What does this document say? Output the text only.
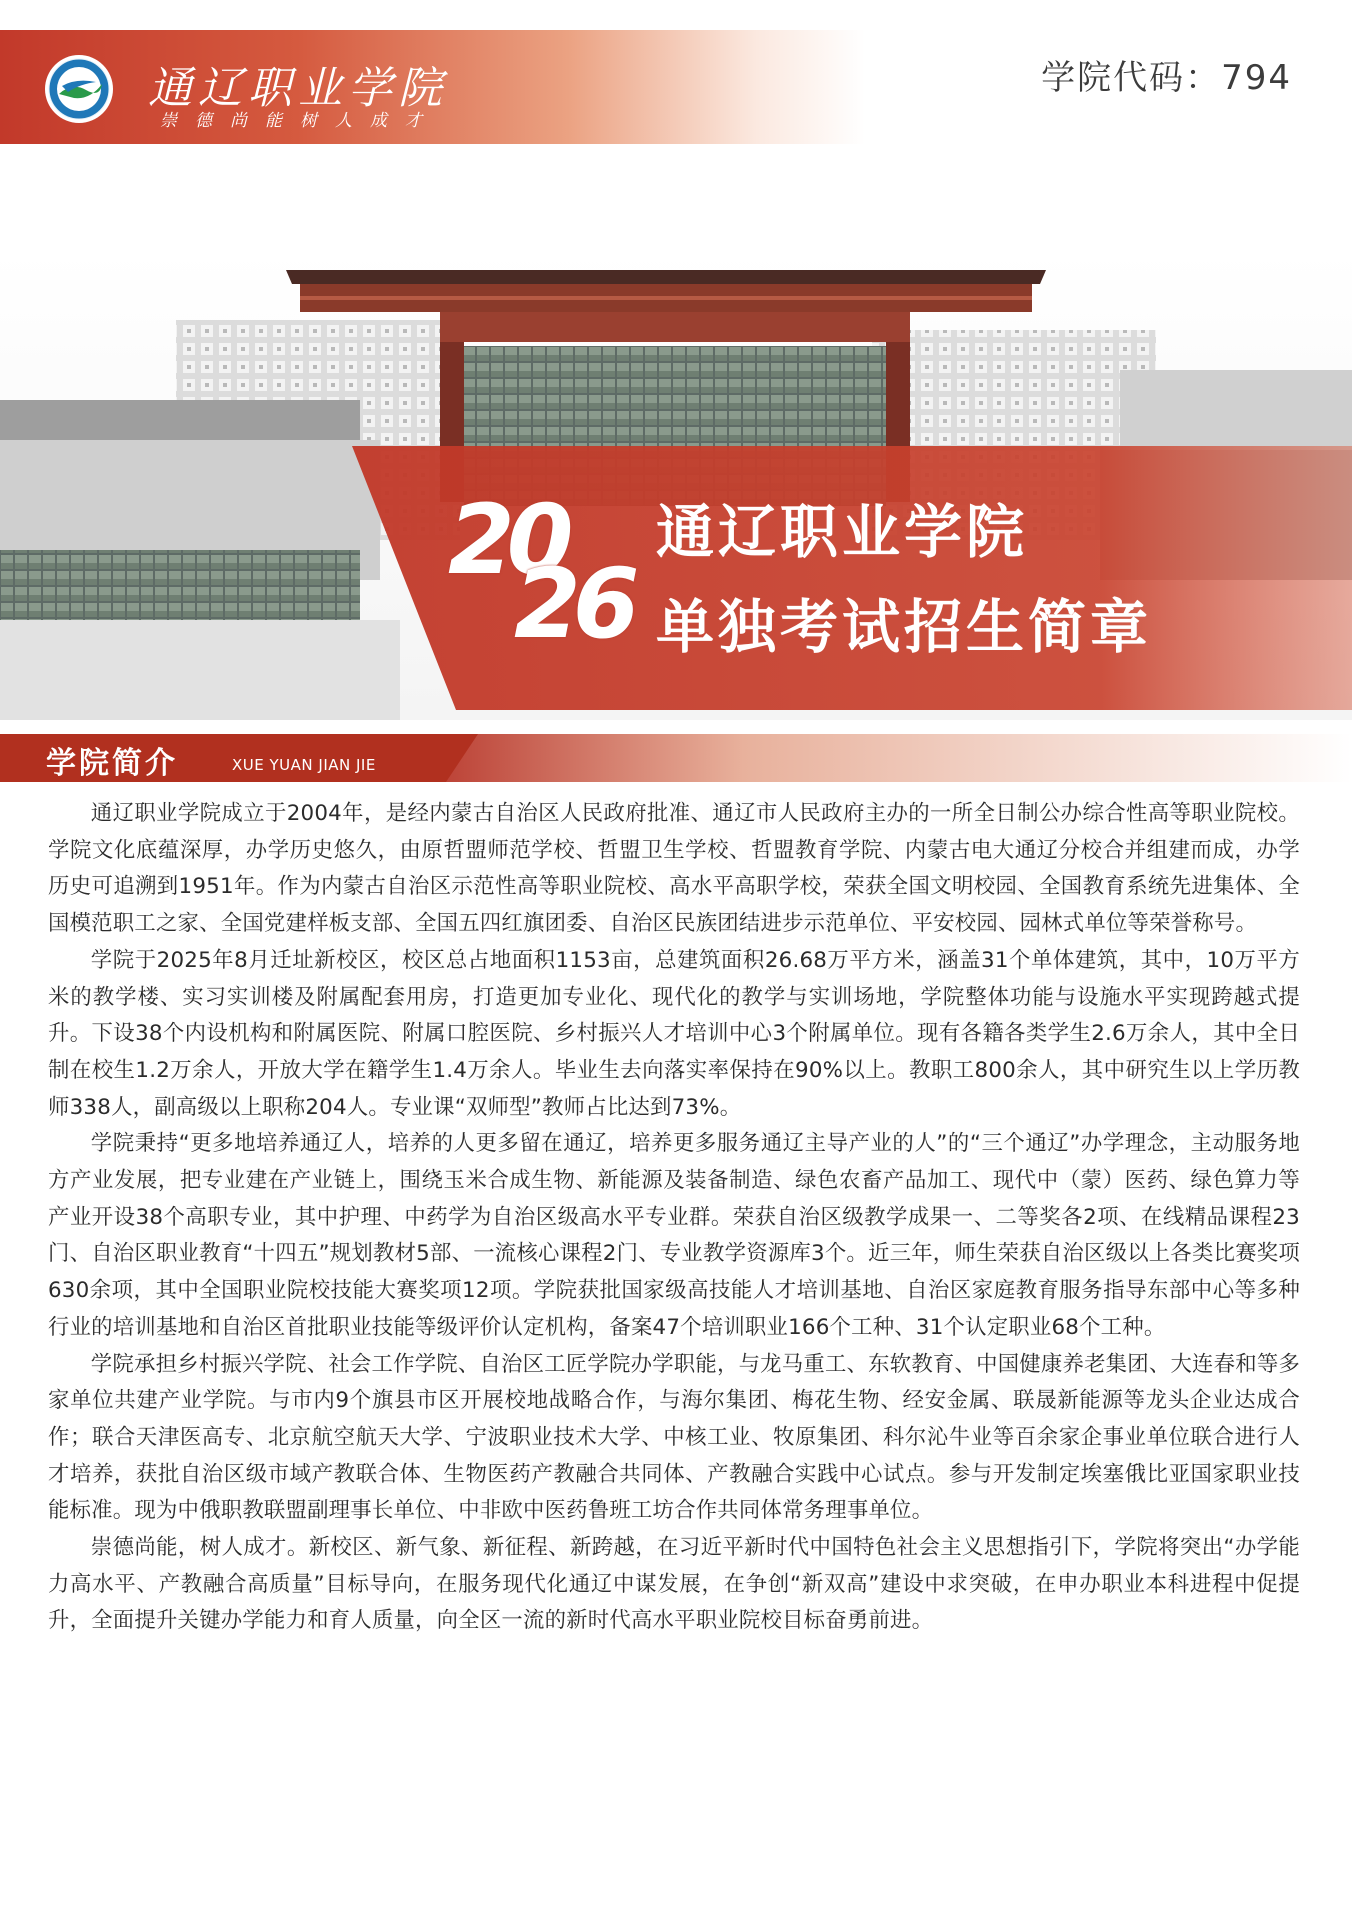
通辽职业学院
崇德尚能树人成才
学院代码：794
20
26
通辽职业学院
单独考试招生简章
学院简介	XUE YUAN JIAN JIE

通辽职业学院成立于2004年，是经内蒙古自治区人民政府批准、通辽市人民政府主办的一所全日制公办综合性高等职业院校。学院文化底蕴深厚，办学历史悠久，由原哲盟师范学校、哲盟卫生学校、哲盟教育学院、内蒙古电大通辽分校合并组建而成，办学历史可追溯到1951年。作为内蒙古自治区示范性高等职业院校、高水平高职学校，荣获全国文明校园、全国教育系统先进集体、全国模范职工之家、全国党建样板支部、全国五四红旗团委、自治区民族团结进步示范单位、平安校园、园林式单位等荣誉称号。

学院于2025年8月迁址新校区，校区总占地面积1153亩，总建筑面积26.68万平方米，涵盖31个单体建筑，其中，10万平方米的教学楼、实习实训楼及附属配套用房，打造更加专业化、现代化的教学与实训场地，学院整体功能与设施水平实现跨越式提升。下设38个内设机构和附属医院、附属口腔医院、乡村振兴人才培训中心3个附属单位。现有各籍各类学生2.6万余人，其中全日制在校生1.2万余人，开放大学在籍学生1.4万余人。毕业生去向落实率保持在90%以上。教职工800余人，其中研究生以上学历教师338人，副高级以上职称204人。专业课“双师型”教师占比达到73%。

学院秉持“更多地培养通辽人，培养的人更多留在通辽，培养更多服务通辽主导产业的人”的“三个通辽”办学理念，主动服务地方产业发展，把专业建在产业链上，围绕玉米合成生物、新能源及装备制造、绿色农畜产品加工、现代中（蒙）医药、绿色算力等产业开设38个高职专业，其中护理、中药学为自治区级高水平专业群。荣获自治区级教学成果一、二等奖各2项、在线精品课程23门、自治区职业教育“十四五”规划教材5部、一流核心课程2门、专业教学资源库3个。近三年，师生荣获自治区级以上各类比赛奖项630余项，其中全国职业院校技能大赛奖项12项。学院获批国家级高技能人才培训基地、自治区家庭教育服务指导东部中心等多种行业的培训基地和自治区首批职业技能等级评价认定机构，备案47个培训职业166个工种、31个认定职业68个工种。

学院承担乡村振兴学院、社会工作学院、自治区工匠学院办学职能，与龙马重工、东软教育、中国健康养老集团、大连春和等多家单位共建产业学院。与市内9个旗县市区开展校地战略合作，与海尔集团、梅花生物、经安金属、联晟新能源等龙头企业达成合作；联合天津医高专、北京航空航天大学、宁波职业技术大学、中核工业、牧原集团、科尔沁牛业等百余家企事业单位联合进行人才培养，获批自治区级市域产教联合体、生物医药产教融合共同体、产教融合实践中心试点。参与开发制定埃塞俄比亚国家职业技能标准。现为中俄职教联盟副理事长单位、中非欧中医药鲁班工坊合作共同体常务理事单位。

崇德尚能，树人成才。新校区、新气象、新征程、新跨越，在习近平新时代中国特色社会主义思想指引下，学院将突出“办学能力高水平、产教融合高质量”目标导向，在服务现代化通辽中谋发展，在争创“新双高”建设中求突破，在申办职业本科进程中促提升，全面提升关键办学能力和育人质量，向全区一流的新时代高水平职业院校目标奋勇前进。
